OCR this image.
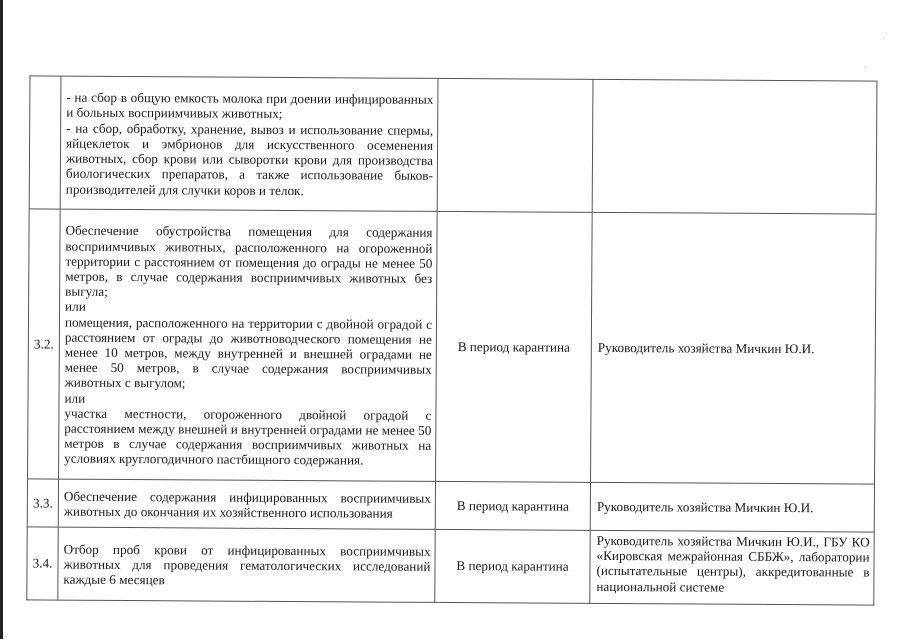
·
·

	- на сбор в общую емкость молока при доении инфицированных и больных восприимчивых животных;
- на сбор, обработку, хранение, вывоз и использование спермы, яйцеклеток и эмбрионов для искусственного осеменения животных, сбор крови или сыворотки крови для производства биологических препаратов, а также использование быков-производителей для случки коров и телок.		

3.2.	Обеспечение обустройства помещения для содержания восприимчивых животных, расположенного на огороженной территории с расстоянием от помещения до ограды не менее 50 метров, в случае содержания восприимчивых животных без выгула;
или
помещения, расположенного на территории с двойной оградой с расстоянием от ограды до животноводческого помещения не менее 10 метров, между внутренней и внешней оградами не менее 50 метров, в случае содержания восприимчивых животных с выгулом;
или
участка местности, огороженного двойной оградой с расстоянием между внешней и внутренней оградами не менее 50 метров в случае содержания восприимчивых животных на условиях круглогодичного пастбищного содержания.	В период карантина	Руководитель хозяйства Мичкин Ю.И.
3.3.	Обеспечение содержания инфицированных восприимчивых животных до окончания их хозяйственного использования	В период карантина	Руководитель хозяйства Мичкин Ю.И.
3.4.	Отбор проб крови от инфицированных восприимчивых животных для проведения гематологических исследований каждые 6 месяцев	В период карантина	Руководитель хозяйства Мичкин Ю.И., ГБУ КО «Кировская межрайонная СББЖ», лаборатории (испытательные центры), аккредитованные в национальной системе
